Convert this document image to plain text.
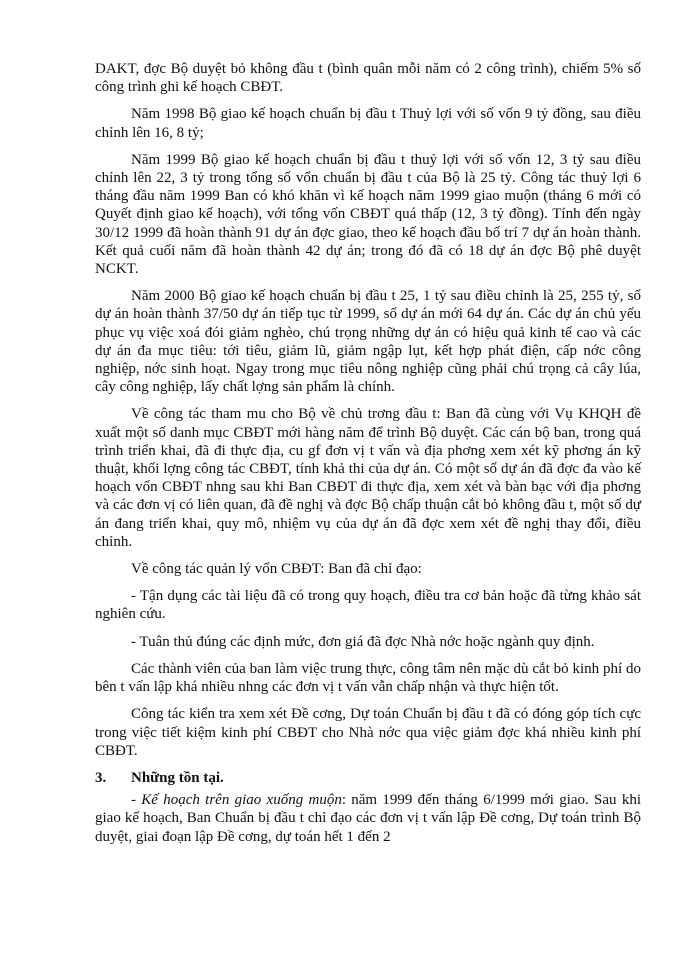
DAKT, đợc Bộ duyệt bỏ không đầu t (bình quân mỗi năm có 2 công trình), chiếm 5% số công trình ghi kế hoạch CBĐT.

Năm 1998 Bộ giao kế hoạch chuẩn bị đầu t Thuỷ lợi với số vốn 9 tỷ đồng, sau điều chỉnh lên 16, 8 tỷ;

Năm 1999 Bộ giao kế hoạch chuẩn bị đầu t thuỷ lợi với số vốn 12, 3 tỷ sau điều chỉnh lên 22, 3 tỷ trong tổng số vốn chuẩn bị đầu t của Bộ là 25 tỷ. Công tác thuỷ lợi 6 tháng đầu năm 1999 Ban có khó khăn vì kế hoạch năm 1999 giao muộn (tháng 6 mới có Quyết định giao kế hoạch), với tổng vốn CBĐT quá thấp (12, 3 tỷ đồng). Tính đến ngày 30/12 1999 đã hoàn thành 91 dự án đợc giao, theo kế hoạch đầu bố trí 7 dự án hoàn thành. Kết quả cuối năm đã hoàn thành 42 dự án; trong đó đã có 18 dự án đợc Bộ phê duyệt NCKT.

Năm 2000 Bộ giao kế hoạch chuẩn bị đầu t 25, 1 tỷ sau điều chỉnh là 25, 255 tỷ, số dự án hoàn thành 37/50 dự án tiếp tục từ 1999, số dự án mới 64 dự án. Các dự án chủ yếu phục vụ việc xoá đói giảm nghèo, chú trọng những dự án có hiệu quả kinh tế cao và các dự án đa mục tiêu: tới tiêu, giảm lũ, giảm ngập lụt, kết hợp phát điện, cấp nớc công nghiệp, nớc sinh hoạt. Ngay trong mục tiêu nông nghiệp cũng phải chú trọng cả cây lúa, cây công nghiệp, lấy chất lợng sản phẩm là chính.

Về công tác tham mu cho Bộ về chủ trơng đầu t: Ban đã cùng với Vụ KHQH đề xuất một số danh mục CBĐT mới hàng năm để trình Bộ duyệt. Các cán bộ ban, trong quá trình triển khai, đã đi thực địa, cu gf đơn vị t vấn và địa phơng xem xét kỹ phơng án kỹ thuật, khối lợng công tác CBĐT, tính khả thi của dự án. Có một số dự án đã đợc đa vào kế hoạch vốn CBĐT nhng sau khi Ban CBĐT đi thực địa, xem xét và bàn bạc với địa phơng và các đơn vị có liên quan, đã đề nghị và đợc Bộ chấp thuận cắt bỏ không đầu t, một số dự án đang triển khai, quy mô, nhiệm vụ của dự án đã đợc xem xét đề nghị thay đổi, điều chỉnh.

Về công tác quản lý vốn CBĐT: Ban đã chỉ đạo:

- Tận dụng các tài liệu đã có trong quy hoạch, điều tra cơ bản hoặc đã từng khảo sát nghiên cứu.

- Tuân thủ đúng các định mức, đơn giá đã đợc Nhà nớc hoặc ngành quy định.

Các thành viên của ban làm việc trung thực, công tâm nên mặc dù cắt bỏ kinh phí do bên t vấn lập khá nhiều nhng các đơn vị t vấn vẫn chấp nhận và thực hiện tốt.

Công tác kiển tra xem xét Đề cơng, Dự toán Chuẩn bị đầu t đã có đóng góp tích cực trong việc tiết kiệm kinh phí CBĐT cho Nhà nớc qua việc giảm đợc khá nhiều kinh phí CBĐT.

3.	Những tồn tại.

- Kế hoạch trên giao xuống muộn: năm 1999 đến tháng 6/1999 mới giao. Sau khi giao kế hoạch, Ban Chuẩn bị đầu t chỉ đạo các đơn vị t vấn lập Đề cơng, Dự toán trình Bộ duyệt, giai đoạn lập Đề cơng, dự toán hết 1 đến 2
